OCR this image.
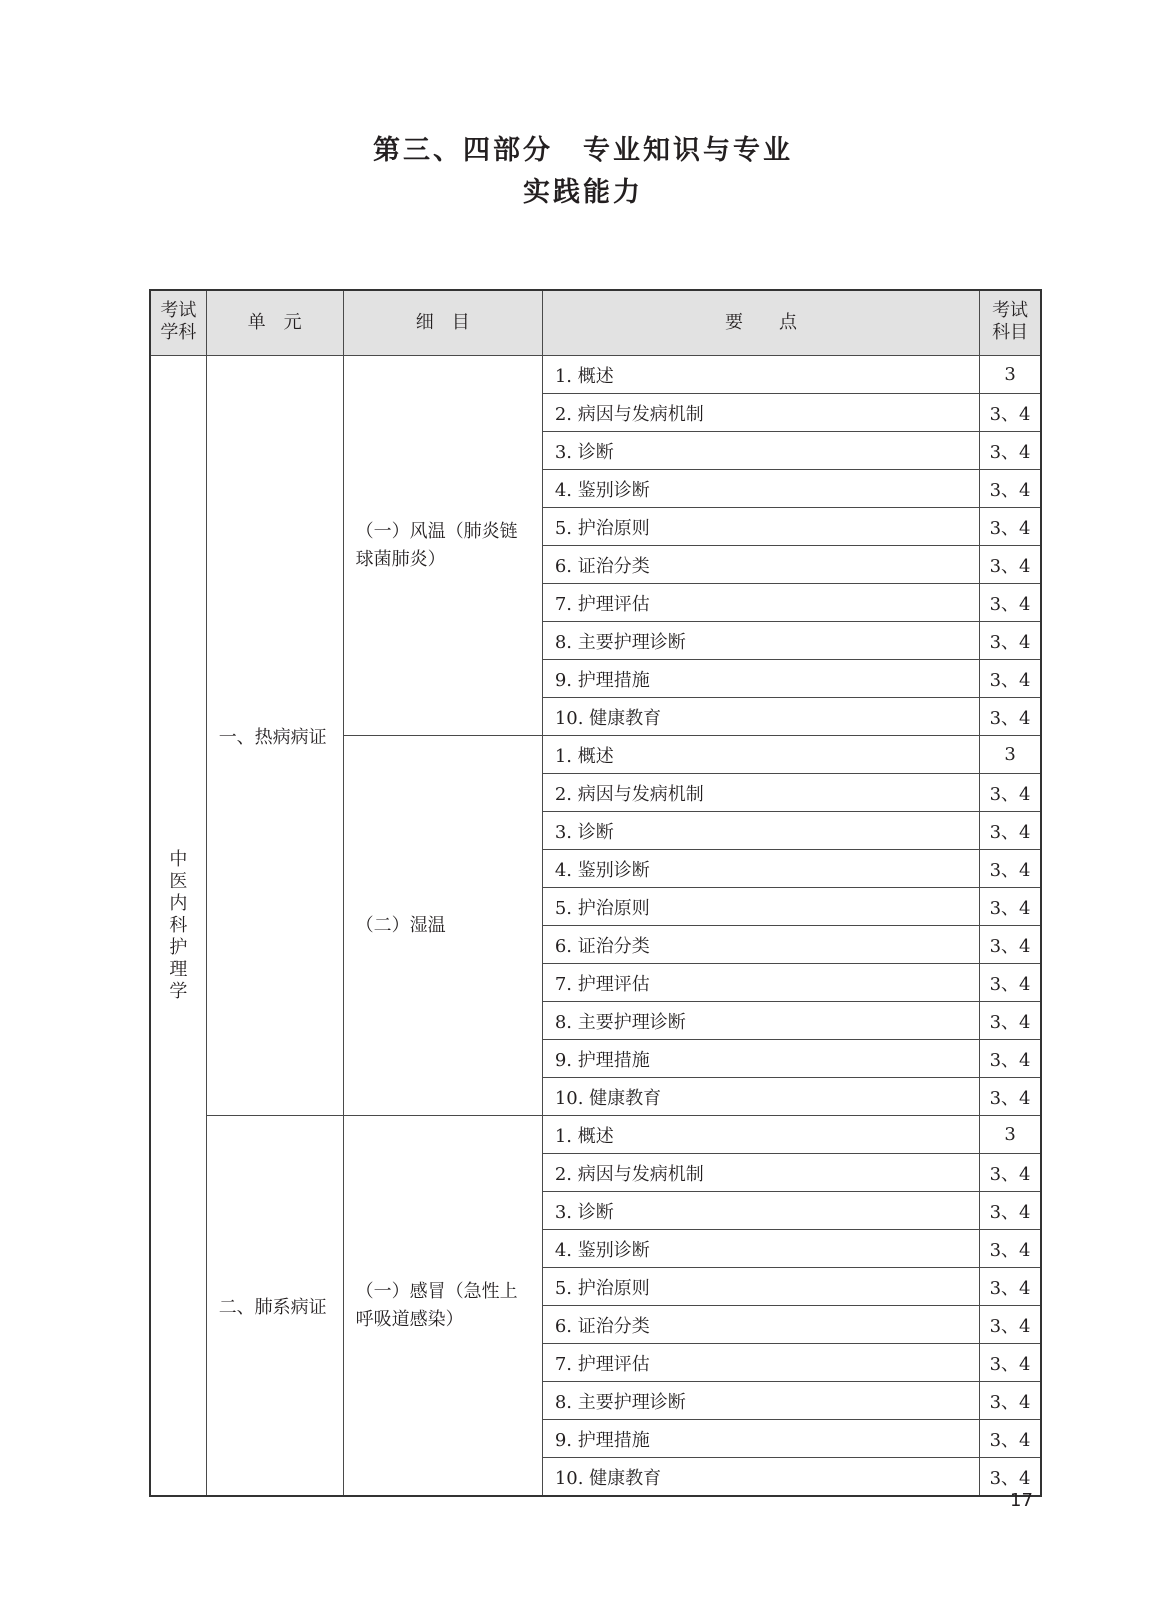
第三、四部分　专业知识与专业
实践能力
考试学科	单　元	细　目	要　　点	考试科目
中医内科护理学	一、热病病证	（一）风温（肺炎链球菌肺炎）	1. 概述	3
			2. 病因与发病机制	3、4
			3. 诊断	3、4
			4. 鉴别诊断	3、4
			5. 护治原则	3、4
			6. 证治分类	3、4
			7. 护理评估	3、4
			8. 主要护理诊断	3、4
			9. 护理措施	3、4
			10. 健康教育	3、4
		（二）湿温	1. 概述	3
			2. 病因与发病机制	3、4
			3. 诊断	3、4
			4. 鉴别诊断	3、4
			5. 护治原则	3、4
			6. 证治分类	3、4
			7. 护理评估	3、4
			8. 主要护理诊断	3、4
			9. 护理措施	3、4
			10. 健康教育	3、4
	二、肺系病证	（一）感冒（急性上呼吸道感染）	1. 概述	3
			2. 病因与发病机制	3、4
			3. 诊断	3、4
			4. 鉴别诊断	3、4
			5. 护治原则	3、4
			6. 证治分类	3、4
			7. 护理评估	3、4
			8. 主要护理诊断	3、4
			9. 护理措施	3、4
			10. 健康教育	3、4
17
